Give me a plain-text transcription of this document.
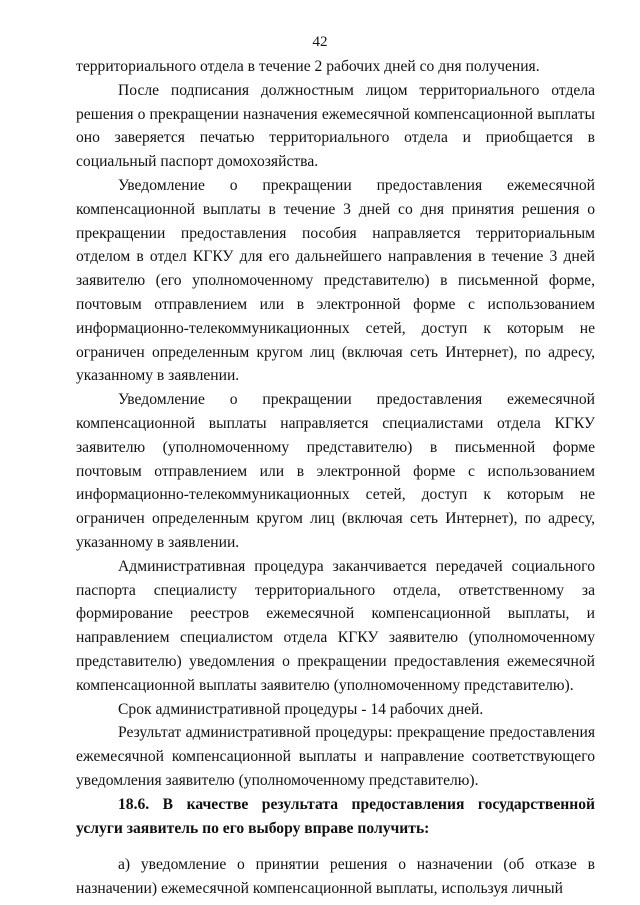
42

территориального отдела в течение 2 рабочих дней со дня получения.

После подписания должностным лицом территориального отдела решения о прекращении назначения ежемесячной компенсационной выплаты оно заверяется печатью территориального отдела и приобщается в социальный паспорт домохозяйства.

Уведомление о прекращении предоставления ежемесячной компенсационной выплаты в течение 3 дней со дня принятия решения о прекращении предоставления пособия направляется территориальным отделом в отдел КГКУ для его дальнейшего направления в течение 3 дней заявителю (его уполномоченному представителю) в письменной форме, почтовым отправлением или в электронной форме с использованием информационно-телекоммуникационных сетей, доступ к которым не ограничен определенным кругом лиц (включая сеть Интернет), по адресу, указанному в заявлении.

Уведомление о прекращении предоставления ежемесячной компенсационной выплаты направляется специалистами отдела КГКУ заявителю (уполномоченному представителю) в письменной форме почтовым отправлением или в электронной форме с использованием информационно-телекоммуникационных сетей, доступ к которым не ограничен определенным кругом лиц (включая сеть Интернет), по адресу, указанному в заявлении.

Административная процедура заканчивается передачей социального паспорта специалисту территориального отдела, ответственному за формирование реестров ежемесячной компенсационной выплаты, и направлением специалистом отдела КГКУ заявителю (уполномоченному представителю) уведомления о прекращении предоставления ежемесячной компенсационной выплаты заявителю (уполномоченному представителю).

Срок административной процедуры - 14 рабочих дней.

Результат административной процедуры: прекращение предоставления ежемесячной компенсационной выплаты и направление соответствующего уведомления заявителю (уполномоченному представителю).

18.6. В качестве результата предоставления государственной услуги заявитель по его выбору вправе получить:

а) уведомление о принятии решения о назначении (об отказе в назначении) ежемесячной компенсационной выплаты, используя личный
